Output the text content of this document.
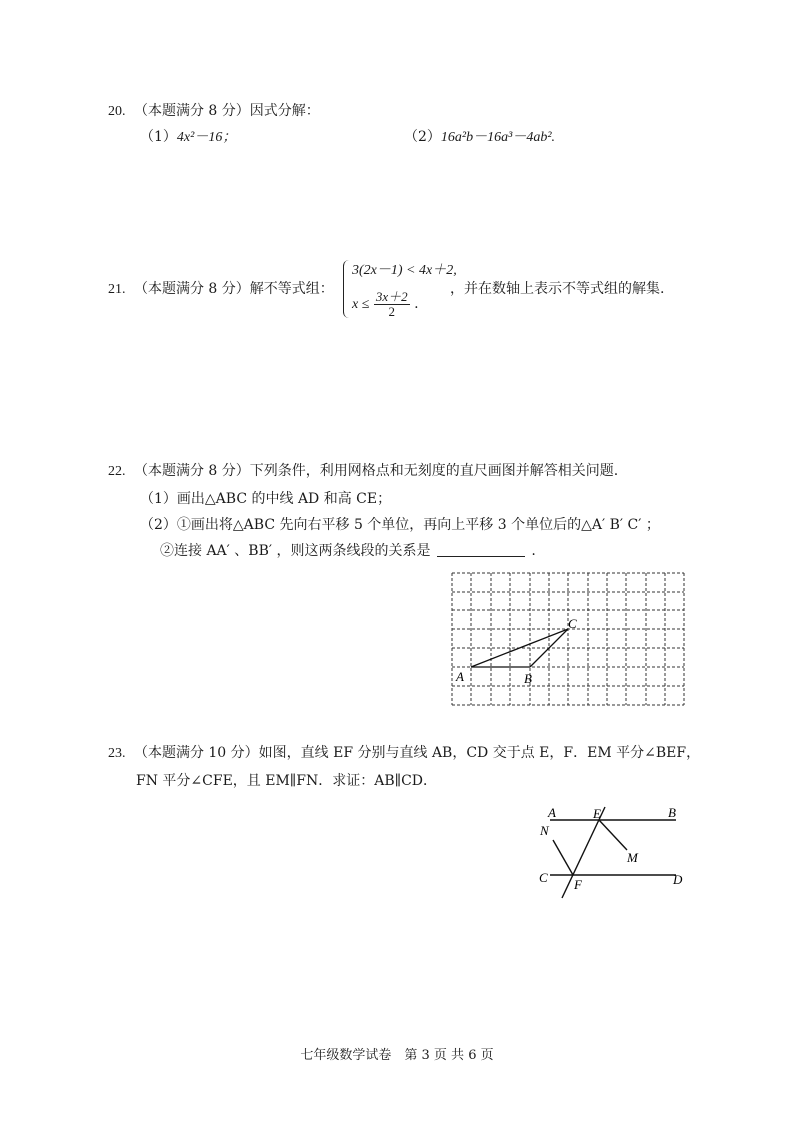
20. （本题满分 8 分）因式分解：
（1）4x²－16；	（2）16a²b－16a³－4ab².
21. （本题满分 8 分）解不等式组：
3(2x－1) < 4x＋2,
$x \le \frac{3x+2}{2}$ .
，并在数轴上表示不等式组的解集.
22. （本题满分 8 分）下列条件，利用网格点和无刻度的直尺画图并解答相关问题.
（1）画出△ABC 的中线 AD 和高 CE；
（2）①画出将△ABC 先向右平移 5 个单位，再向上平移 3 个单位后的△A′ B′ C′ ；
②连接 AA′ 、BB′ ，则这两条线段的关系是	.
A	B
C
23. （本题满分 10 分）如图，直线 EF 分别与直线 AB，CD 交于点 E，F．EM 平分∠BEF，
FN 平分∠CFE，且 EM∥FN．求证：AB∥CD．
A	E	B
N
M
C F	D
七年级数学试卷　第 3 页 共 6 页
